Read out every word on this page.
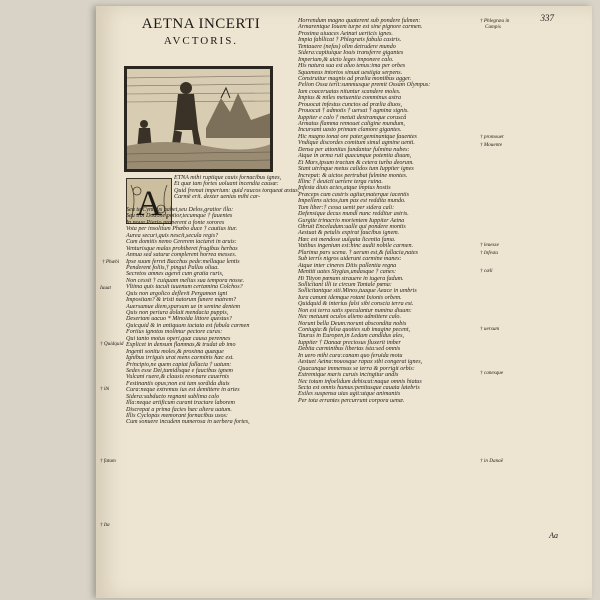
337
AETNA INCERTI
AVCTORIS.
A
ETNA mihi ruptique cauis fornacibus ignes,
Et quæ tam fortes uoluant incendia causæ:
Quid fremat imperium: quid raucos torqueat æstus:
Carmē erit. dexter uenias mihi car-
Seu te Cynthus habet,seu Delos,gratior illa:
Seu tibi Dodone potior,tecumque † fauentes
In noua Pierio properent a fonte sorores
Vota per insolitum Phœbo duce † cautius itur.
Aurea securi,quis nescit,secula regis?
Cum domitis nemo Cererem iactaret in aruis:
Venturisque malas prohiberet frugibus herbas
Annua sed saturæ complerent horrea messes.
Ipse suum ferret Bacchus pede:mellaque lentis
Penderent foliis,† pingui Pallas oliua.
Secretos amnes ageret cum gratia ruris,
Non cessit † cuiquam melius sua tempora nosse.
Vltima quis tacuit iuuenum certamina Colchos?
Quis non argolico deflevit Pergamon igni
Impositam? & tristi natorum funere matrem?
Auersumue diem,sparsum ue in semine dentem
Quis non periura doluit mendacia puppis,
Desertam uacuo * Minoida littore questus?
Quicquid & in antiquum iactata est fabula carmen
Fortius ignotas molimur pectore curas:
Qui tanto motus operi,quæ causa perennes
Explicet in densum flammas,& trudat ab imo
Ingenti sonitu moles,& proxima quæque
Ignibus irriguis urat mens carminis hæc est.
Principio,ne quem capiat fallacia † uatum:
Sedes esse Dei,tumidisque e faucibus ignem
Vulcani ruere,& clausis resonare cauernis
Festinantis opus;non est tam sordida diuis
Cura:neque extremas ius est demittere in artes
Sidera:subducto regnant sublima calo
Illa:neque artificum curant tractare laborem
Discrepat a prima facies hæc altera uatum.
Illis Cyclopas memorant fornacibus usos:
Cum sonuere incudem numerosa in uerbera fortes,
Horrendum magno quaterent sub pondere fulmen:
Armarentque Iouem turpe est sine pignore carmen.
Proxima uiuaces Aetnæi uerticis ignes.
Impia fabllicat † Phlegræis fabula castris.
Tentauere (nefas) olim detrudere mundo
Sidera:captiuique Iouis transferre gigantes
Imperium,& uicto leges imponere calo.
His natura sua est aluo tenus:ima per orbes
Squameus intortos sinuat uestigia serpens.
Construitur magnis ad prælia montibus agger.
Pelion Ossa terit:summusque premit Ossam Olympus:
Iam coaceruatas nituntur scandere moles.
Impius & miles metuentia comminus astra
Prouocat infestus cunctos ad prælia diuos,
Prouocat † admotis † uersat † agmina signis.
Iuppiter e calo † metuit dextramque coruscâ
Armatus flamma remouet caligine mundum,
Incursant uasto primum clamore gigantes.
Hic magno tonat ore pater,geminantque fauentes
Vndique discordes comitum simul agmine uenti.
Densa per attonitas fundantur fulmina nubes:
Atque in arma ruit quacunque potentia diuum,
Et Mars,tpsum tractum & cetera turba deorum.
Stant utrinque metus calidos tum Iuppiter ignes
Increpat: & uictos pertrubat fulmine montes.
Illinc † deuicti uertere terga ruina.
Infesta diuis acies,atque impius hostis
Præceps cum castris agitur,materque iacentis
Impellens uictos,tum pax est reddita mundo.
Tum liber:† cessa uenit per sidera cali:
Defensique decus mundi nunc redditur astris.
Gurgite trinacrio morientem Iuppiter Aetna
Obruit Enceladum:ualle qui pondere montis
Aestuat & petulis expirat faucibus ignem.
Hæc est mendose uulgata licentia fama.
Vatibus ingenium est:hinc audit nobile carmen.
Plurima pars scena. † uerum est,& fallacia,nates
Sub terris nigros uiderunt carmine manes:
Atque inter cineres Ditis pallentia regna
Mentiti uates Stygias,undasque † canes:
Hi Tityon pœnam strauere in iugera fadum.
Sollicitant illi te circum Tantale pœna:
Sollicitantque siti.Minos,tuaque Aeace in umbris
Iura canunt idemque rotant Ixionis orbem.
Quidquid & interius falsi sibi conscia terra est.
Non est terra satis speculantur numina diuum:
Nec metuunt oculos alieno admittere calo.
Norunt bella Deum:norunt abscondita nobis
Coniugia:& falsa quoties sub imagine pecent,
Taurus in Europen,in Ledam candidus ales,
Iuppiter † Danaæ preciosus fluxerit imber
Debita carminibus libertas ista:sed omnis
In uero mihi cura:canam quo feruida motu
Aestuet Aetna:nouosque rapax sibi congerat ignes,
Quacunque immensus se terra & porrigit orbis:
Extremique maris curuis incingitur undis
Nec totum infoelidum dehiscat:naque omnis hiatus
Secta est omnis humus:penitusque cauata latebris
Exiles suspensa uias agit:utque animantis
Per tota errantes percurrunt corpora uenæ.
† Phlegræa in
Campis
† promouet
† Mouente
† leuesse
† Infesta
† cæli
† uersum
† canesque
† in Danaë
† Phæbi
Iuuat
† Quidquid
† ibi
† fatum
† Ita
Aa
